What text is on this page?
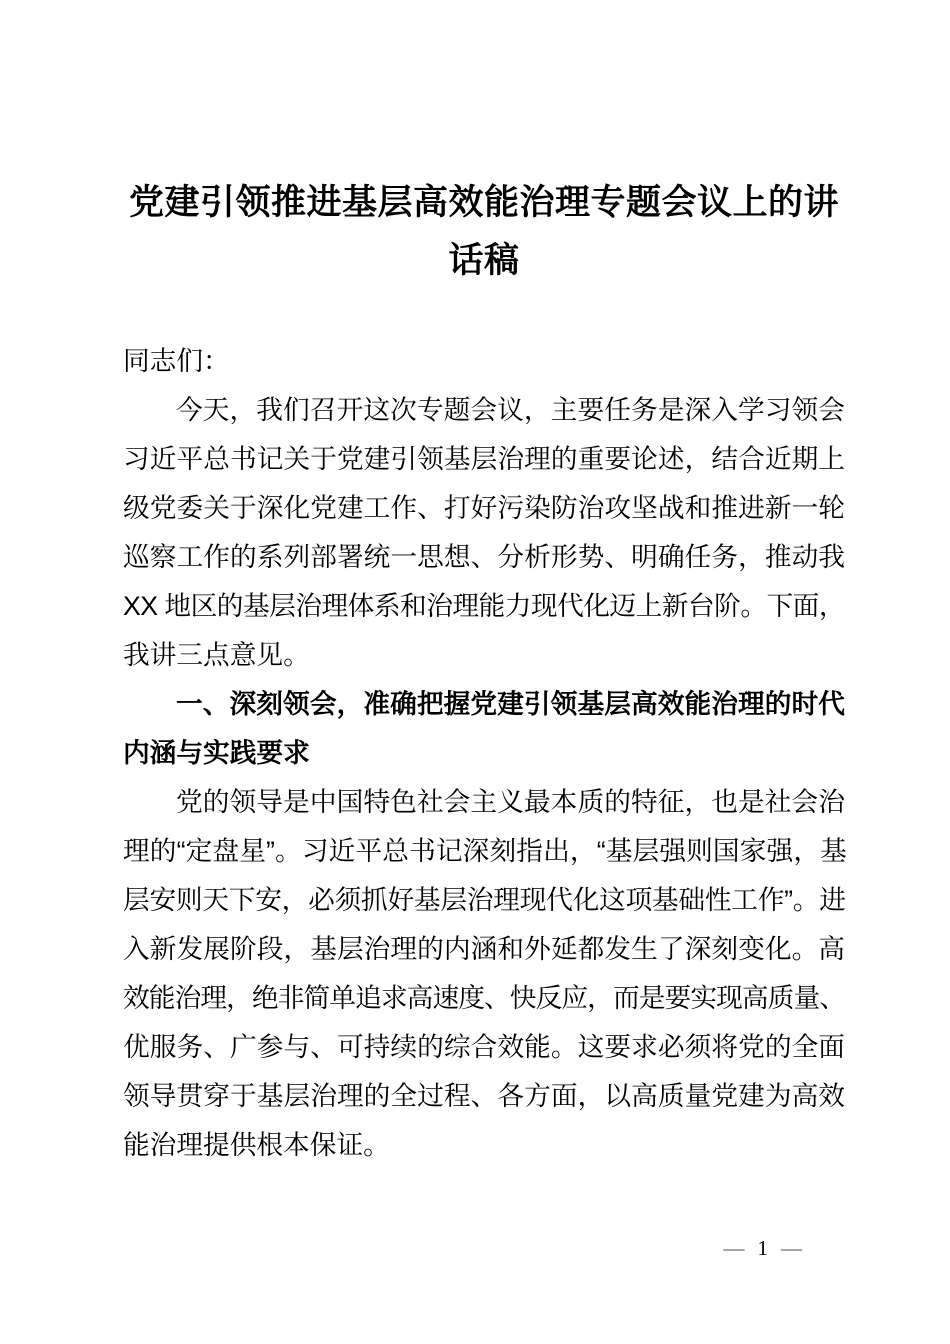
党建引领推进基层高效能治理专题会议上的讲
话稿
同志们：
今天，我们召开这次专题会议，主要任务是深入学习领会
习近平总书记关于党建引领基层治理的重要论述，结合近期上
级党委关于深化党建工作、打好污染防治攻坚战和推进新一轮
巡察工作的系列部署统一思想、分析形势、明确任务，推动我
XX 地区的基层治理体系和治理能力现代化迈上新台阶。下面，
我讲三点意见。
一、深刻领会，准确把握党建引领基层高效能治理的时代
内涵与实践要求
党的领导是中国特色社会主义最本质的特征，也是社会治
理的“定盘星”。习近平总书记深刻指出，“基层强则国家强，基
层安则天下安，必须抓好基层治理现代化这项基础性工作”。进
入新发展阶段，基层治理的内涵和外延都发生了深刻变化。高
效能治理，绝非简单追求高速度、快反应，而是要实现高质量、
优服务、广参与、可持续的综合效能。这要求必须将党的全面
领导贯穿于基层治理的全过程、各方面，以高质量党建为高效
能治理提供根本保证。
— 1 —
